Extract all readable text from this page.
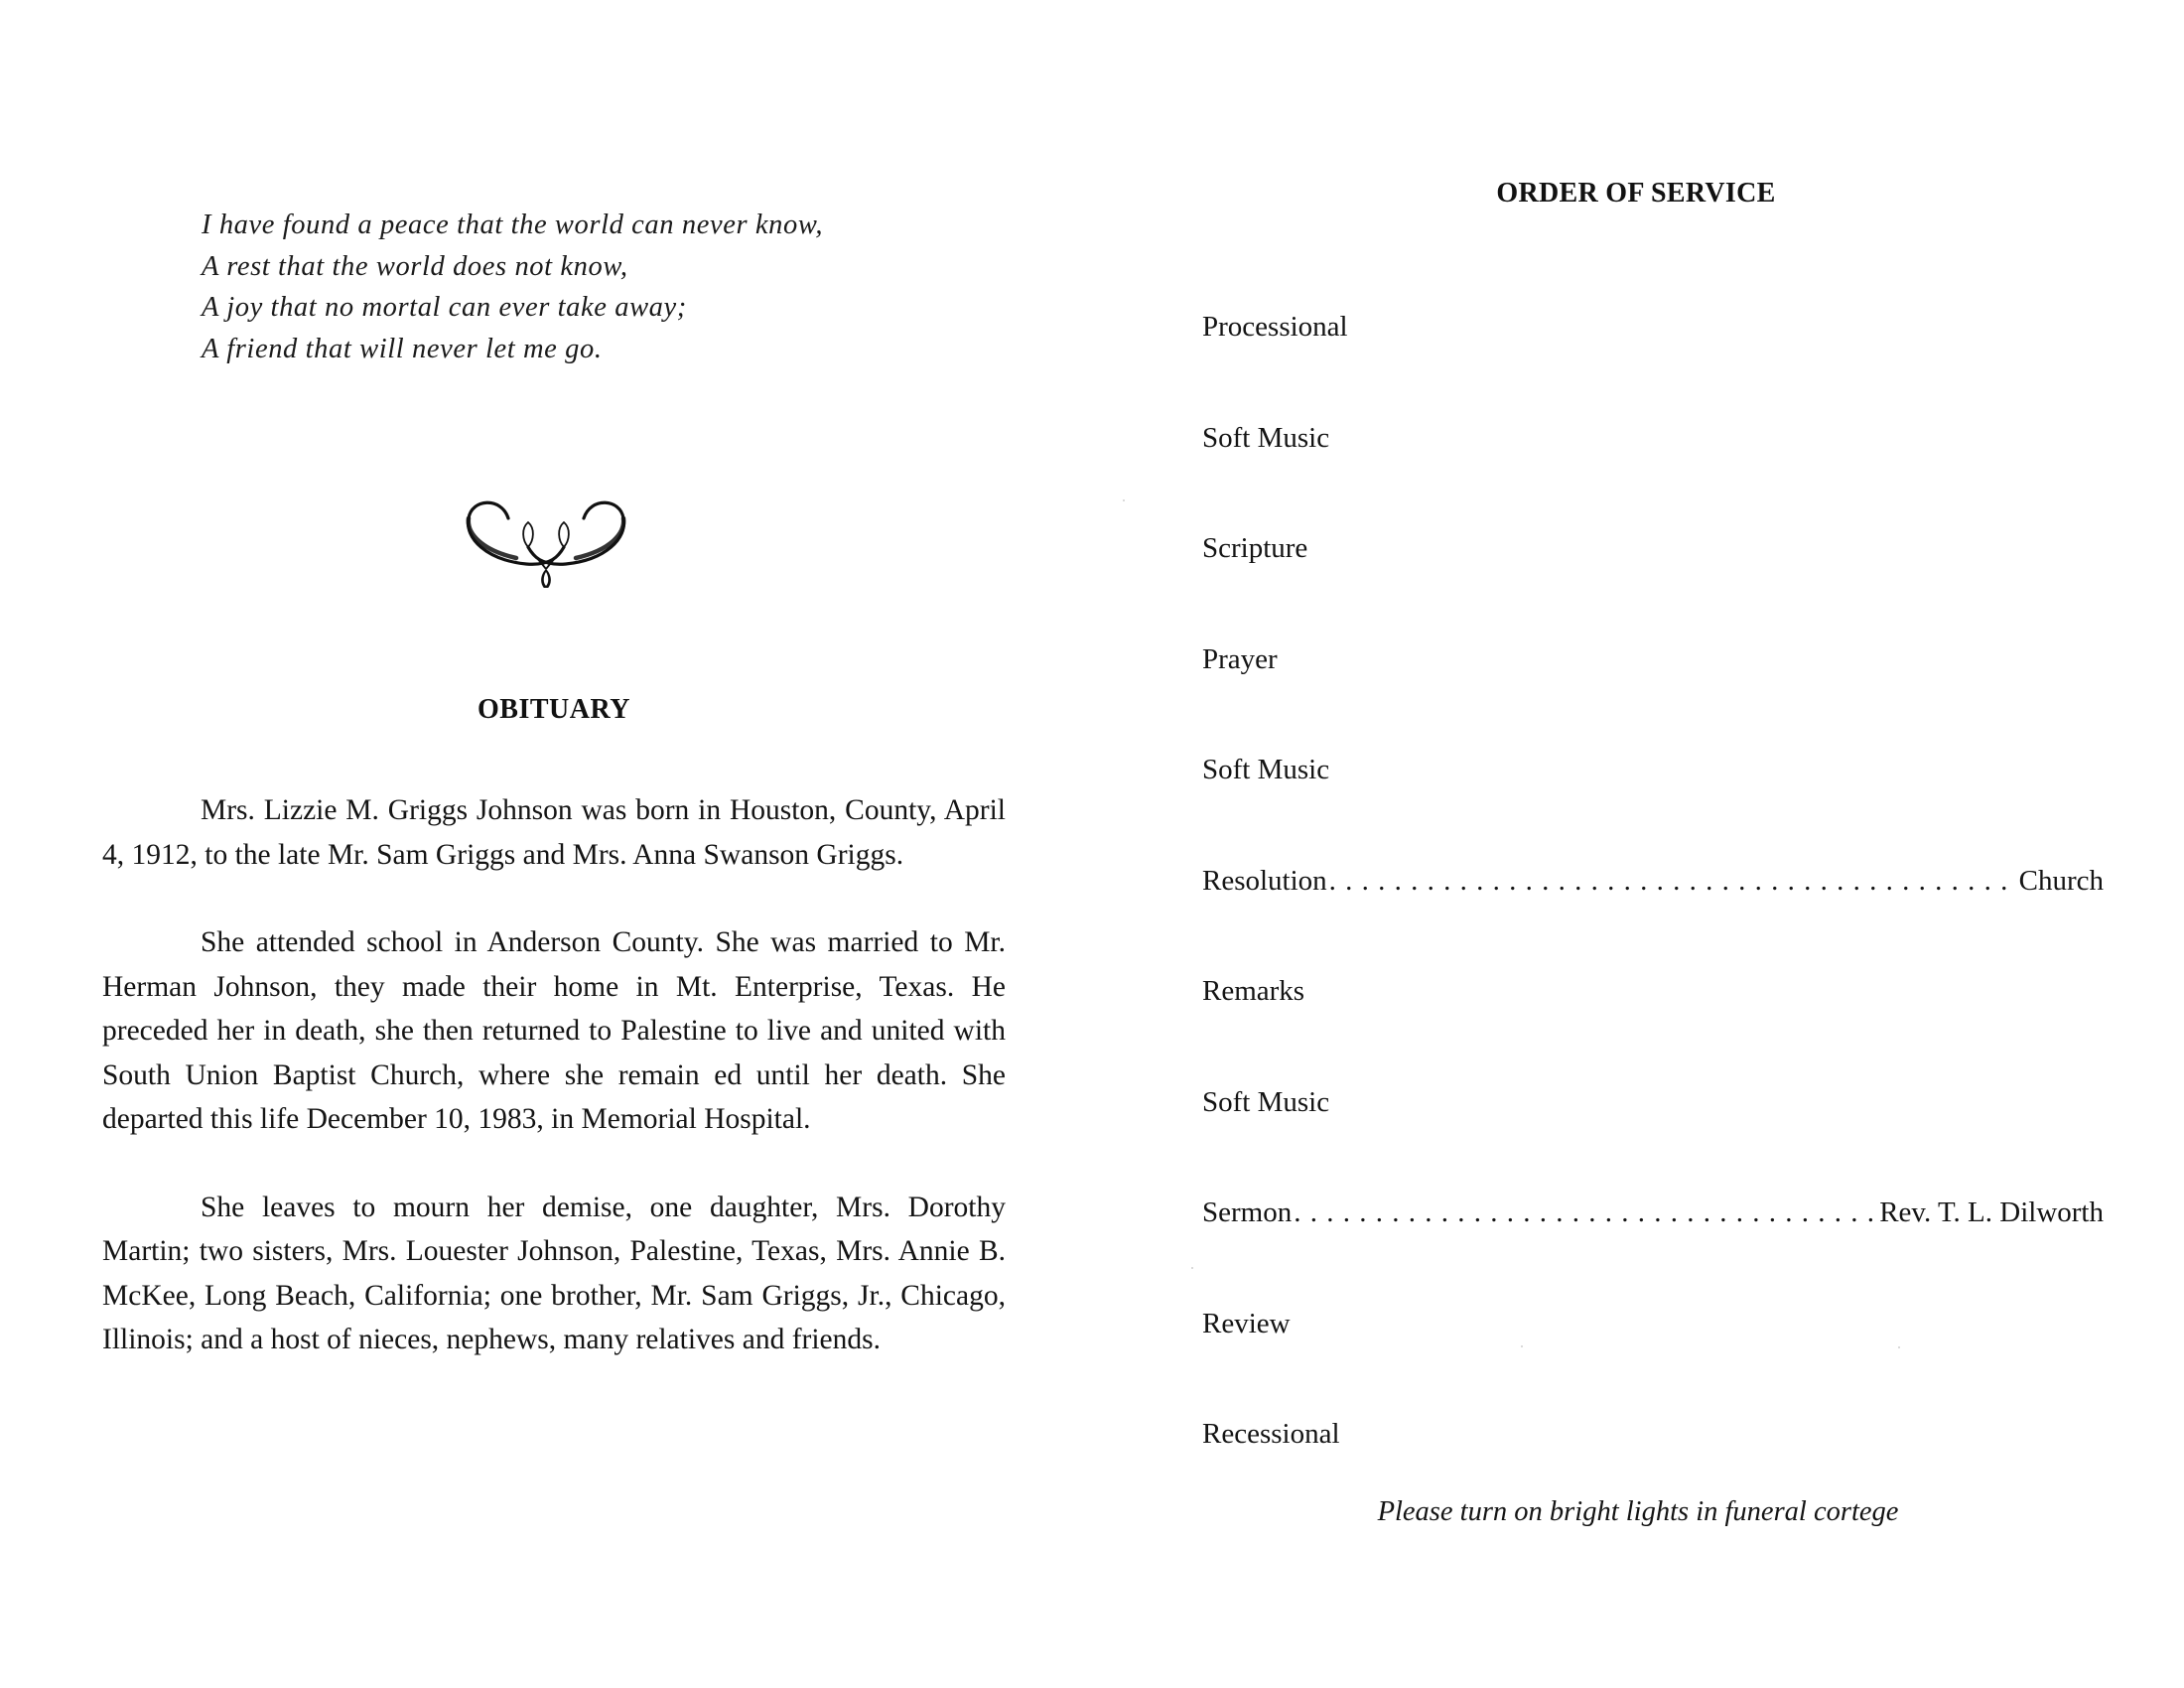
I have found a peace that the world can never know,
A rest that the world does not know,
A joy that no mortal can ever take away;
A friend that will never let me go.
OBITUARY

Mrs. Lizzie M. Griggs Johnson was born in Houston, County, April 4, 1912, to the late Mr. Sam Griggs and Mrs. Anna Swanson Griggs.

She attended school in Anderson County. She was married to Mr. Herman Johnson, they made their home in Mt. Enterprise, Texas. He preceded her in death, she then returned to Palestine to live and united with South Union Baptist Church, where she remain ed until her death. She departed this life December 10, 1983, in Memorial Hospital.

She leaves to mourn her demise, one daughter, Mrs. Dorothy Martin; two sisters, Mrs. Louester Johnson, Palestine, Texas, Mrs. Annie B. McKee, Long Beach, California; one brother, Mr. Sam Griggs, Jr., Chicago, Illinois; and a host of nieces, nephews, many relatives and friends.

ORDER OF SERVICE
Processional
Soft Music
Scripture
Prayer
Soft Music
Resolution . . .	Church
Remarks
Soft Music
Sermon . . .	Rev. T. L. Dilworth
Review
Recessional
Please turn on bright lights in funeral cortege
